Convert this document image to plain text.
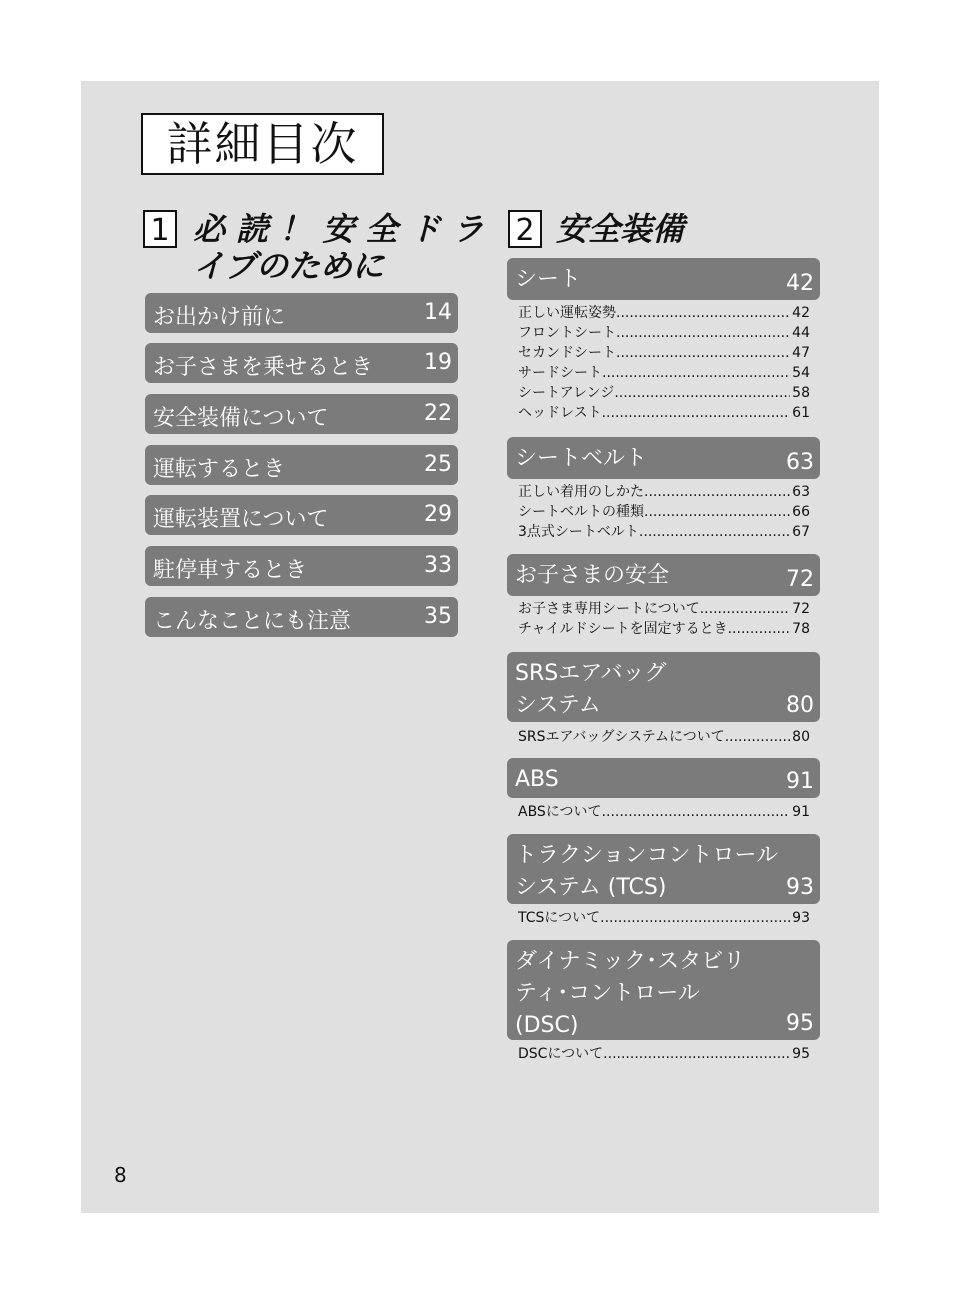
詳細目次
1 必 読 ！ 安 全 ド ラ
イブのために
お出かけ前に	14
お子さまを乗せるとき 19
安全装備について	22
運転するとき	25
運転装置について	29
駐停車するとき	33
こんなことにも注意	35
2 安全装備
シート	42
正しい運転姿勢 .....	42
フロントシート .....	44
セカンドシート .....	47
サードシート .....	54
シートアレンジ .....	58
ヘッドレスト .....	61
シートベルト	63
正しい着用のしかた .....	63
シートベルトの種類 .....	66
3点式シートベルト .....	67
お子さまの安全	72
お子さま専用シートについて .....	72
チャイルドシートを固定するとき .....	78
SRSエアバッグ
システム	80
SRSエアバッグシステムについて .....	80
ABS	91
ABSについて .....	91
トラクションコントロール
システム (TCS)	93
TCSについて .....	93
ダイナミック･スタビリ
ティ･コントロール
(DSC)	95
DSCについて .....	95
8
